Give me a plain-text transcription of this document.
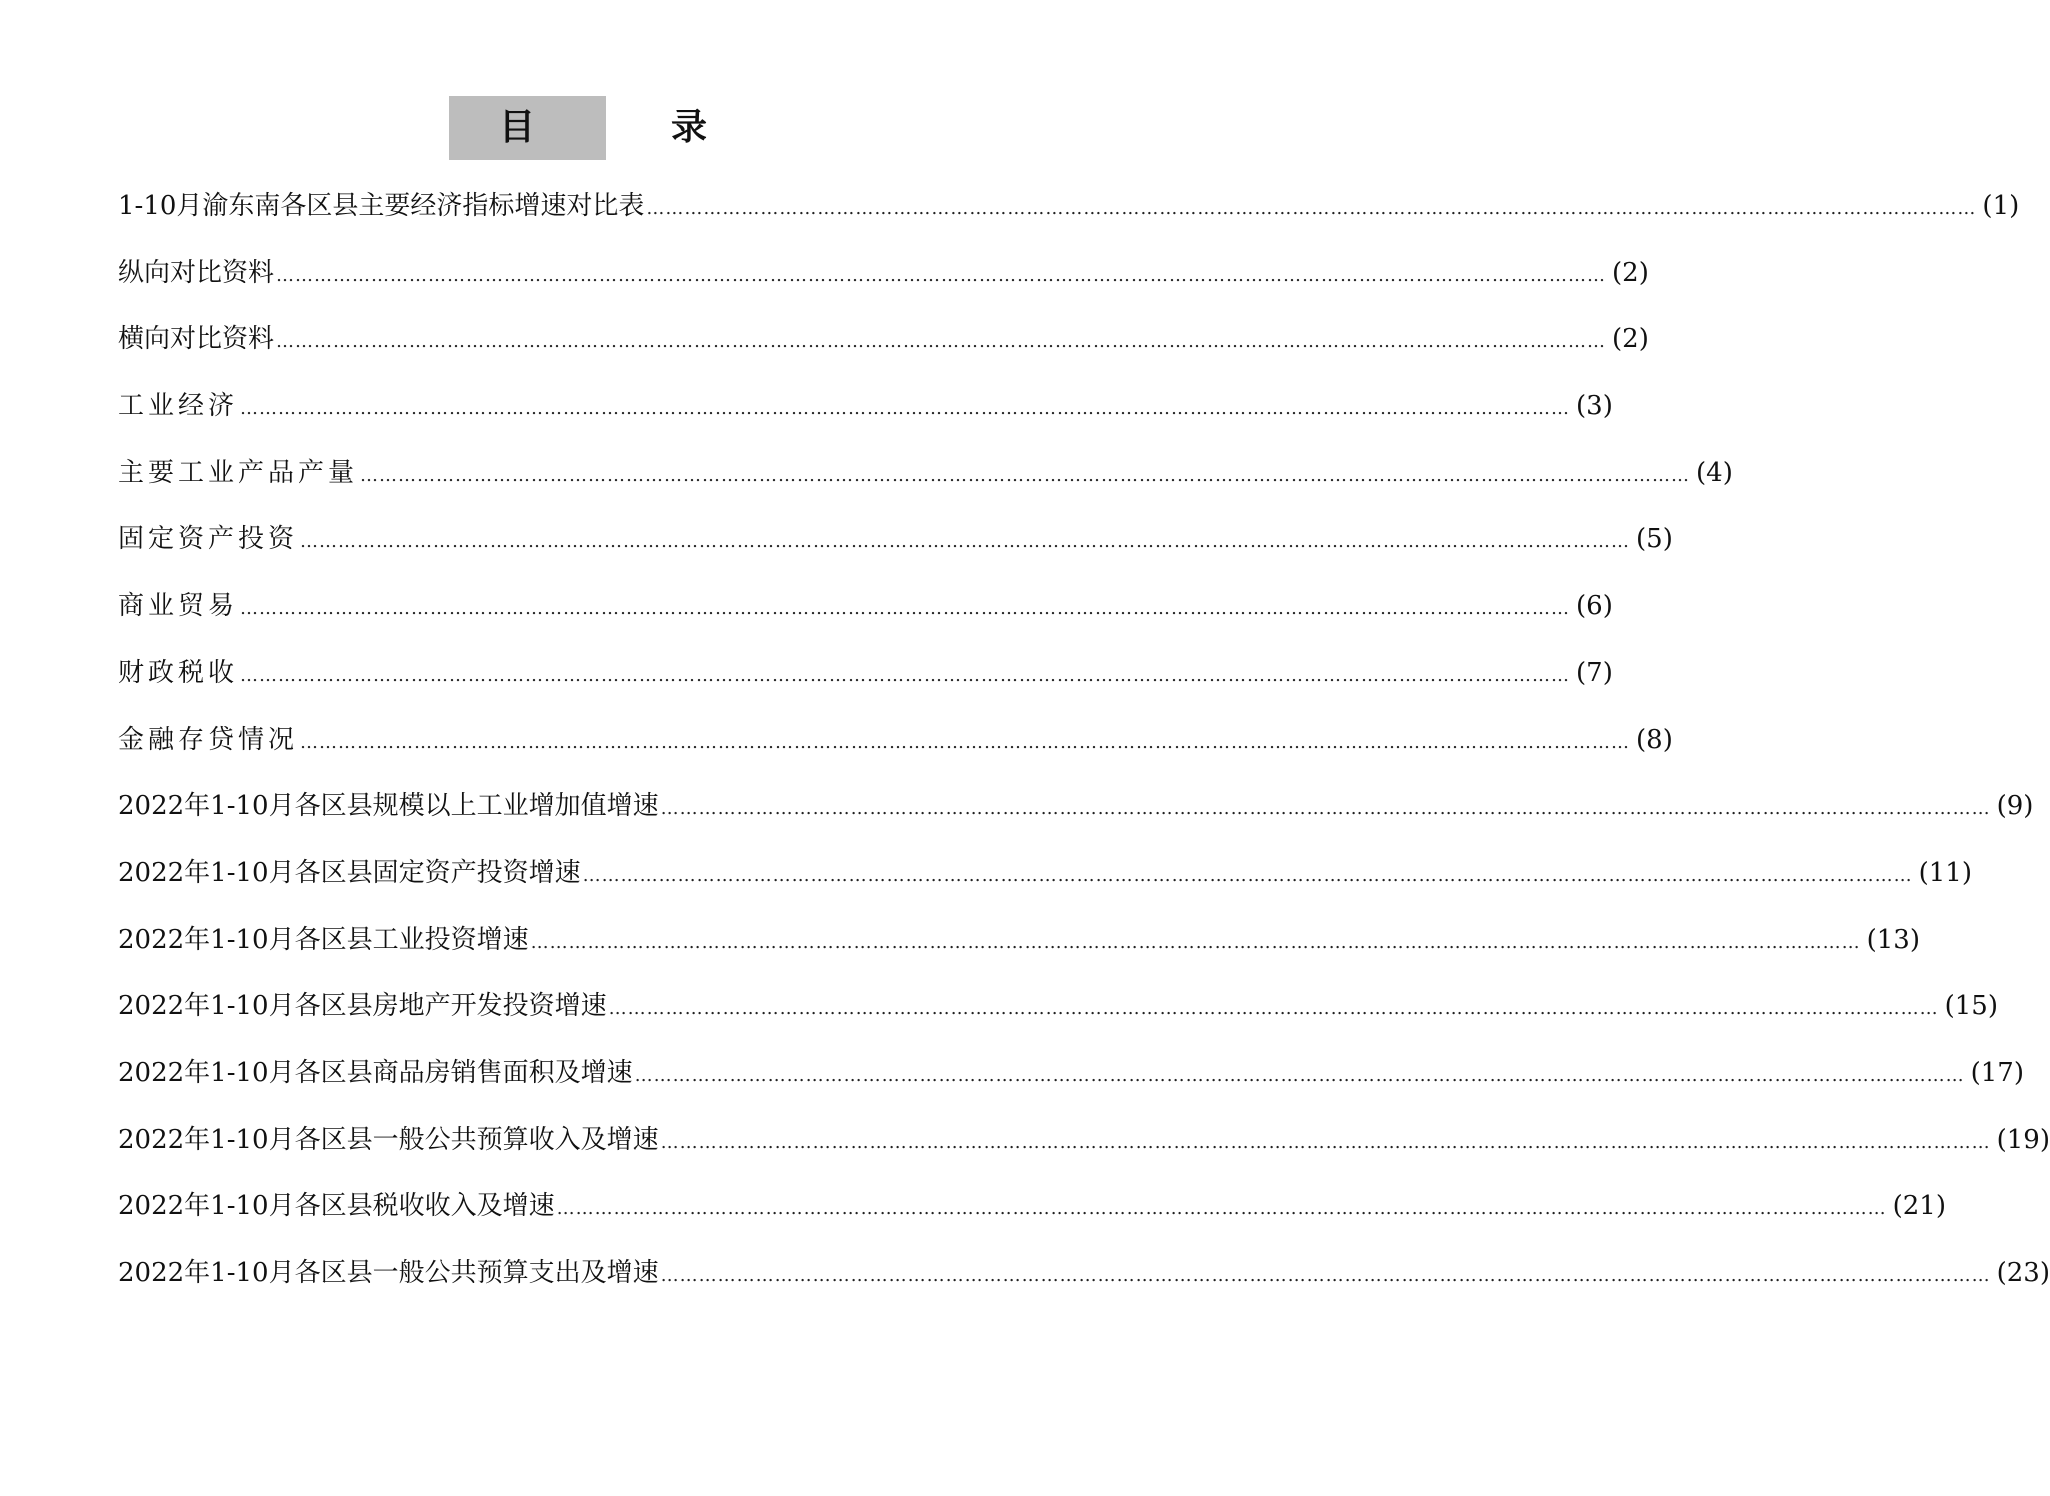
目　录
1-10月渝东南各区县主要经济指标增速对比表 …………………………………………………………………………………………………………………………………………………………………………………………	(1)
纵向对比资料 …………………………………………………………………………………………………………………………………………………………………………………………	(2)
横向对比资料 …………………………………………………………………………………………………………………………………………………………………………………………	(2)
工业经济 …………………………………………………………………………………………………………………………………………………………………………………………	(3)
主要工业产品产量 …………………………………………………………………………………………………………………………………………………………………………………………	(4)
固定资产投资 …………………………………………………………………………………………………………………………………………………………………………………………	(5)
商业贸易 …………………………………………………………………………………………………………………………………………………………………………………………	(6)
财政税收 …………………………………………………………………………………………………………………………………………………………………………………………	(7)
金融存贷情况 …………………………………………………………………………………………………………………………………………………………………………………………	(8)
2022年1-10月各区县规模以上工业增加值增速 …………………………………………………………………………………………………………………………………………………………………………………………	(9)
2022年1-10月各区县固定资产投资增速 …………………………………………………………………………………………………………………………………………………………………………………………	(11)
2022年1-10月各区县工业投资增速 …………………………………………………………………………………………………………………………………………………………………………………………	(13)
2022年1-10月各区县房地产开发投资增速 …………………………………………………………………………………………………………………………………………………………………………………………	(15)
2022年1-10月各区县商品房销售面积及增速 …………………………………………………………………………………………………………………………………………………………………………………………	(17)
2022年1-10月各区县一般公共预算收入及增速 …………………………………………………………………………………………………………………………………………………………………………………………	(19)
2022年1-10月各区县税收收入及增速 …………………………………………………………………………………………………………………………………………………………………………………………	(21)
2022年1-10月各区县一般公共预算支出及增速 …………………………………………………………………………………………………………………………………………………………………………………………	(23)
